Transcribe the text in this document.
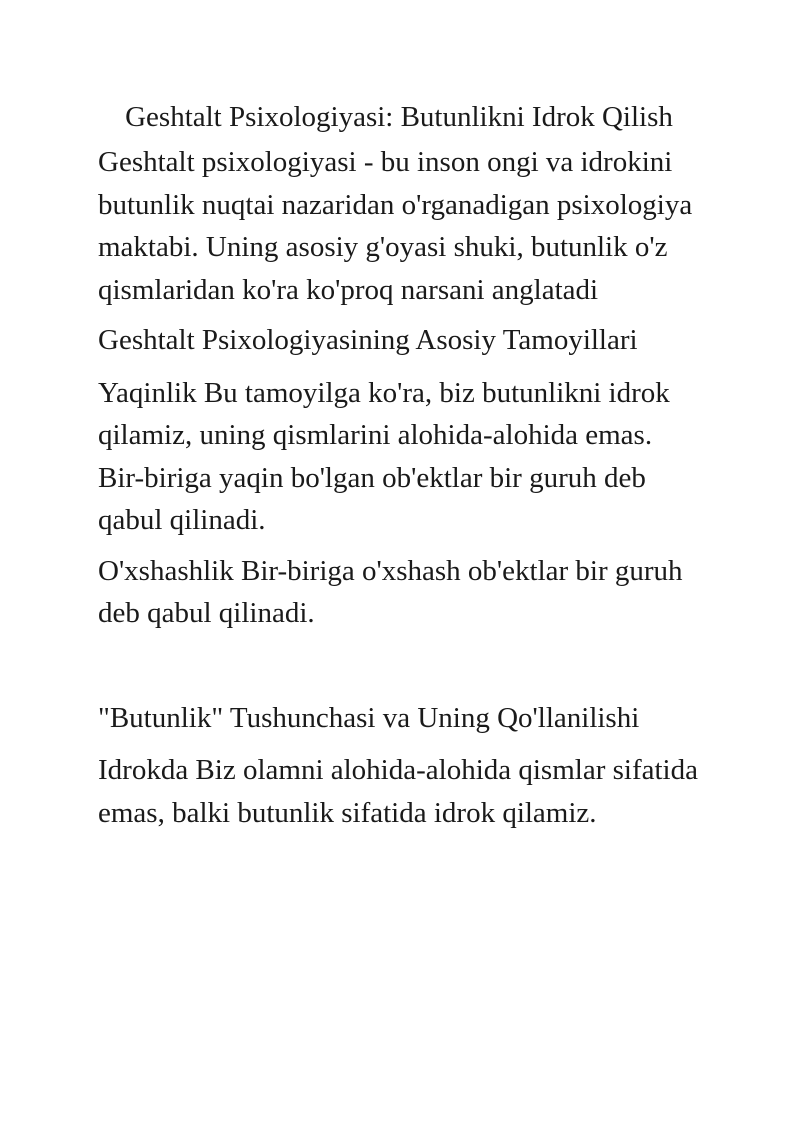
Geshtalt Psixologiyasi: Butunlikni Idrok Qilish

Geshtalt psixologiyasi - bu inson ongi va idrokini butunlik nuqtai nazaridan o'rganadigan psixologiya maktabi. Uning asosiy g'oyasi shuki, butunlik o'z qismlaridan ko'ra ko'proq narsani anglatadi

Geshtalt Psixologiyasining Asosiy Tamoyillari

Yaqinlik Bu tamoyilga ko'ra, biz butunlikni idrok qilamiz, uning qismlarini alohida-alohida emas. Bir-biriga yaqin bo'lgan ob'ektlar bir guruh deb qabul qilinadi.

O'xshashlik Bir-biriga o'xshash ob'ektlar bir guruh deb qabul qilinadi.

"Butunlik" Tushunchasi va Uning Qo'llanilishi

Idrokda Biz olamni alohida-alohida qismlar sifatida emas, balki butunlik sifatida idrok qilamiz.
